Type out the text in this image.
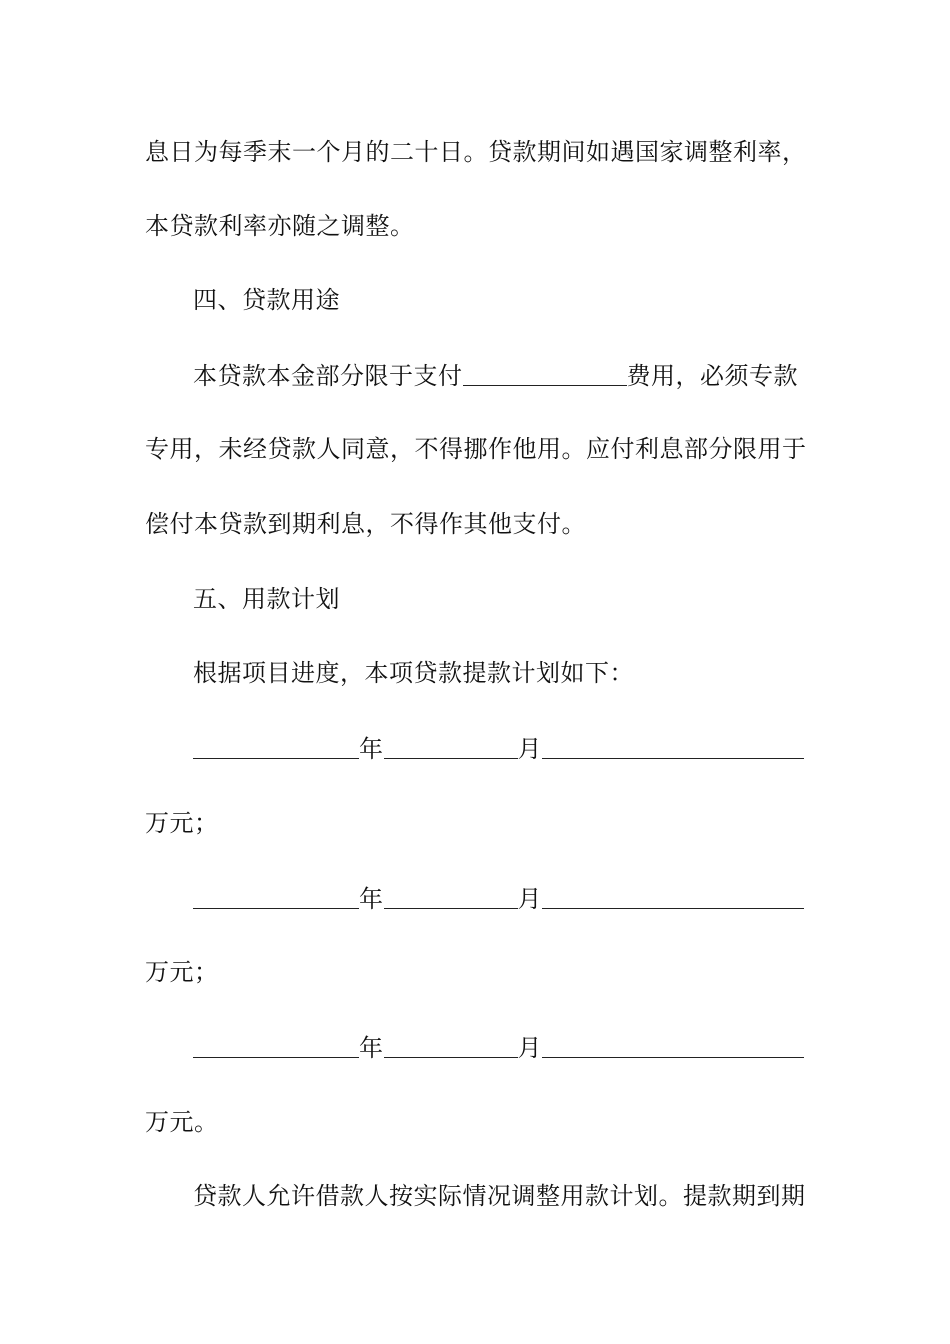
息日为每季末一个月的二十日。贷款期间如遇国家调整利率，
本贷款利率亦随之调整。
四、贷款用途
本贷款本金部分限于支付	费用，必须专款
专用，未经贷款人同意，不得挪作他用。应付利息部分限用于
偿付本贷款到期利息，不得作其他支付。
五、用款计划
根据项目进度，本项贷款提款计划如下：
年	月
万元；
年	月
万元；
年	月
万元。
贷款人允许借款人按实际情况调整用款计划。提款期到期
